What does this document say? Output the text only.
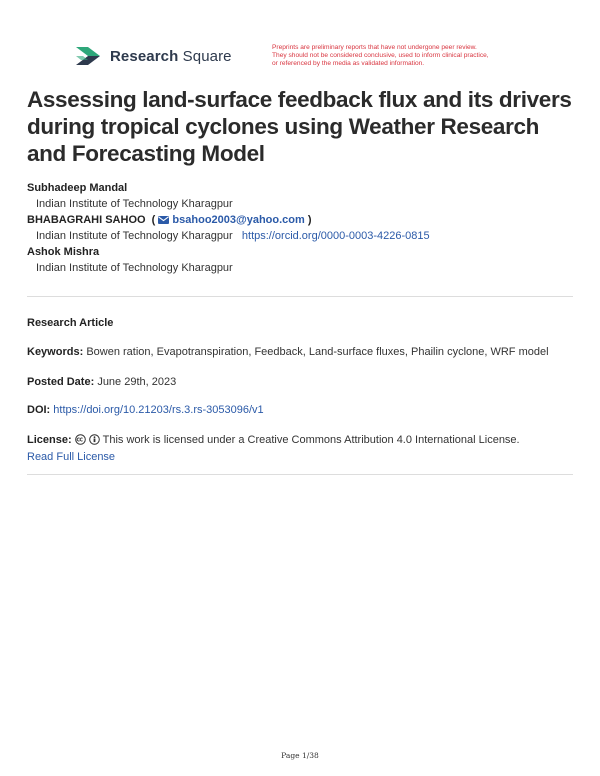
Research Square	Preprints are preliminary reports that have not undergone peer review.
They should not be considered conclusive, used to inform clinical practice,
or referenced by the media as validated information.
Assessing land-surface feedback flux and its drivers during tropical cyclones using Weather Research and Forecasting Model
Subhadeep Mandal
Indian Institute of Technology Kharagpur
BHABAGRAHI SAHOO  ( bsahoo2003@yahoo.com )
Indian Institute of Technology Kharagpur https://orcid.org/0000-0003-4226-0815
Ashok Mishra
Indian Institute of Technology Kharagpur
Research Article
Keywords: Bowen ration, Evapotranspiration, Feedback, Land-surface fluxes, Phailin cyclone, WRF model
Posted Date: June 29th, 2023
DOI: https://doi.org/10.21203/rs.3.rs-3053096/v1
License:	This work is licensed under a Creative Commons Attribution 4.0 International License.
Read Full License
Page 1/38
